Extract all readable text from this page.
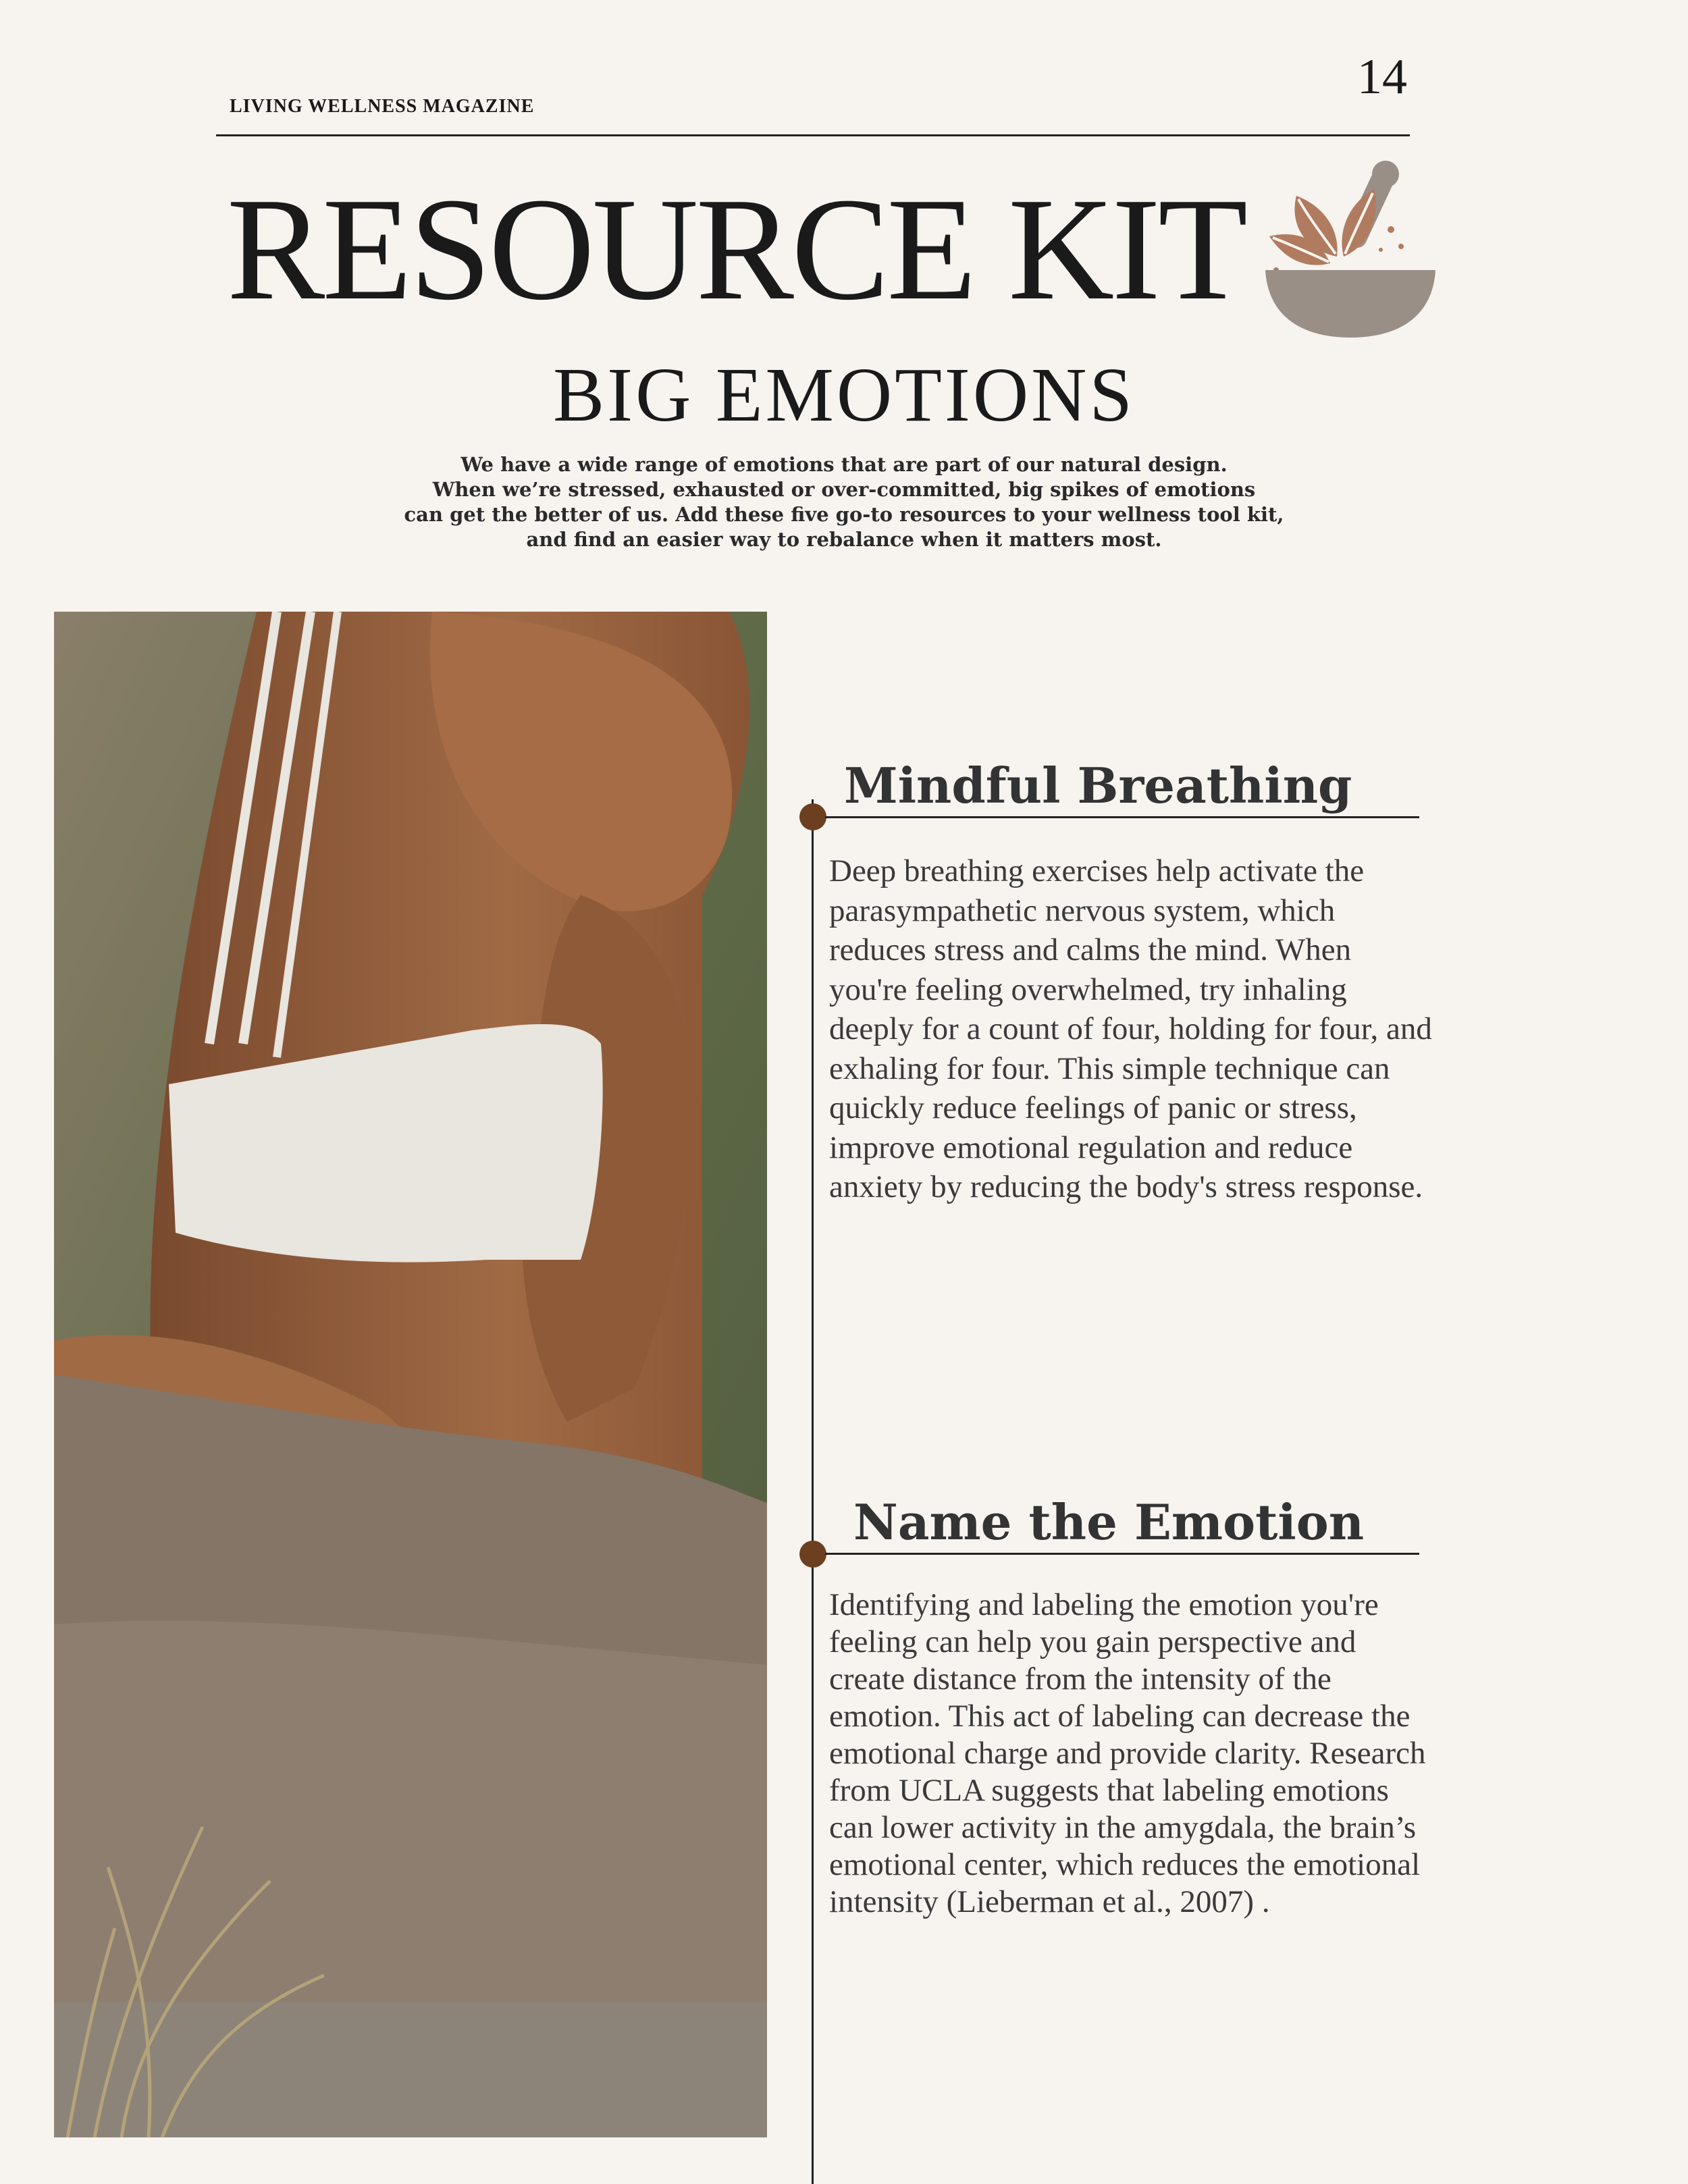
LIVING WELLNESS MAGAZINE
14
RESOURCE KIT
BIG EMOTIONS
We have a wide range of emotions that are part of our natural design.
When we’re stressed, exhausted or over-committed, big spikes of emotions
can get the better of us. Add these five go-to resources to your wellness tool kit,
and find an easier way to rebalance when it matters most.
Mindful Breathing
Deep breathing exercises help activate the parasympathetic nervous system, which reduces stress and calms the mind. When you're feeling overwhelmed, try inhaling deeply for a count of four, holding for four, and exhaling for four. This simple technique can quickly reduce feelings of panic or stress, improve emotional regulation and reduce anxiety by reducing the body's stress response.
Name the Emotion
Identifying and labeling the emotion you're feeling can help you gain perspective and create distance from the intensity of the emotion. This act of labeling can decrease the emotional charge and provide clarity. Research from UCLA suggests that labeling emotions can lower activity in the amygdala, the brain’s emotional center, which reduces the emotional intensity (Lieberman et al., 2007) .
